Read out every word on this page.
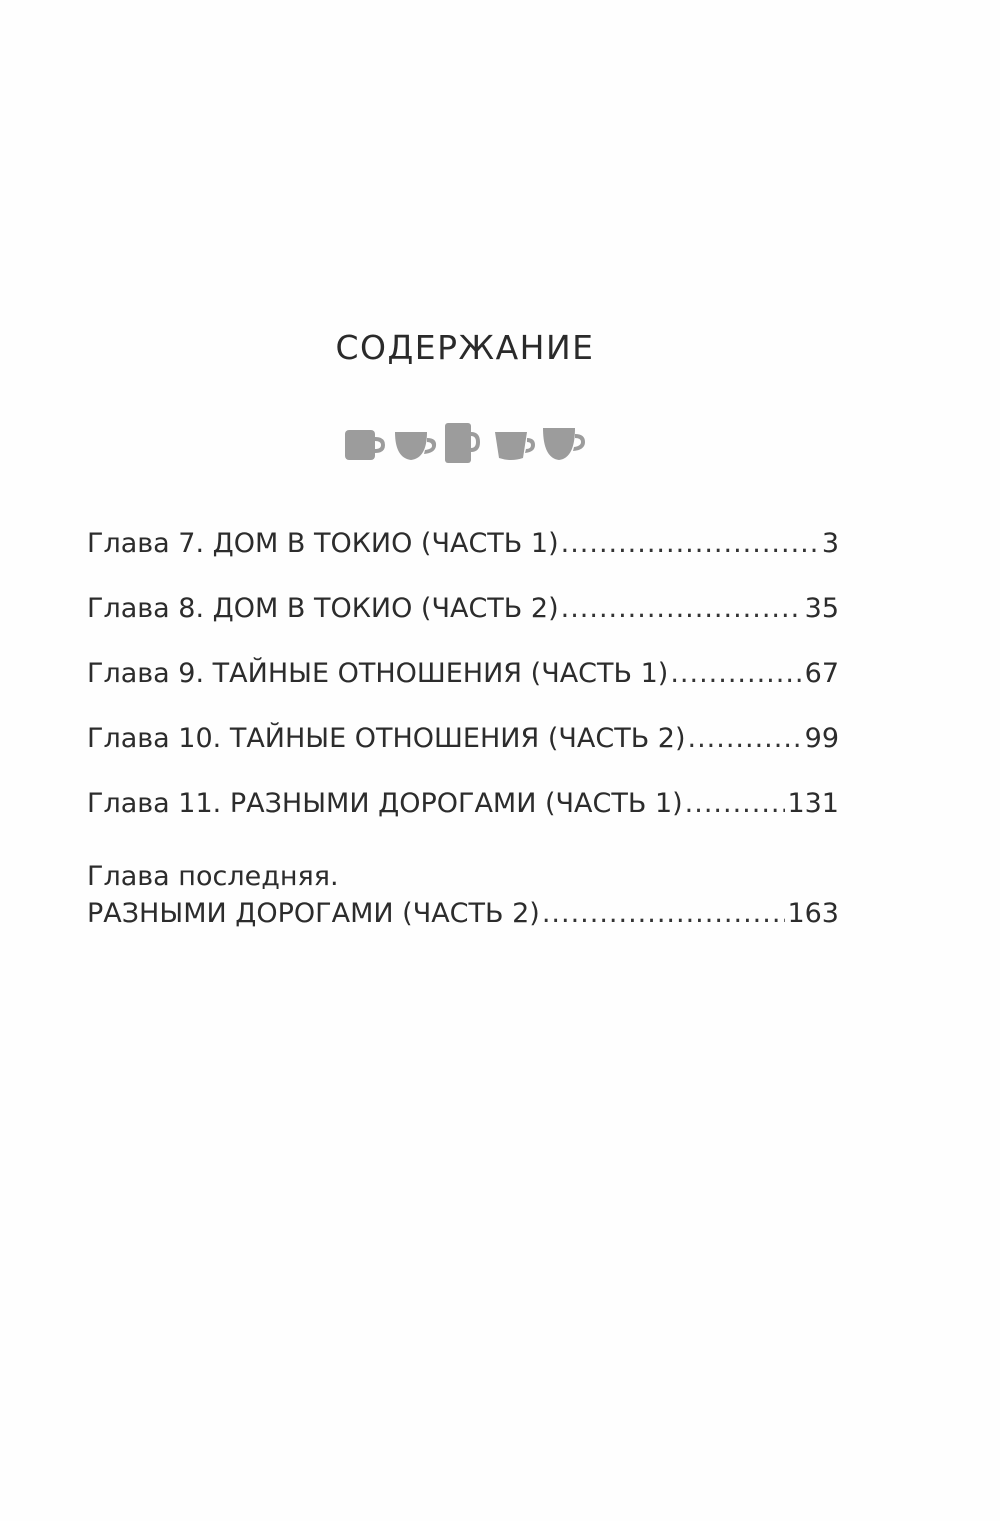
СОДЕРЖАНИЕ
Глава 7. ДОМ В ТОКИО (ЧАСТЬ 1) .....	3
Глава 8. ДОМ В ТОКИО (ЧАСТЬ 2) .....	35
Глава 9. ТАЙНЫЕ ОТНОШЕНИЯ (ЧАСТЬ 1) .....	67
Глава 10. ТАЙНЫЕ ОТНОШЕНИЯ (ЧАСТЬ 2) .....	99
Глава 11. РАЗНЫМИ ДОРОГАМИ (ЧАСТЬ 1) .....	131
Глава последняя.
РАЗНЫМИ ДОРОГАМИ (ЧАСТЬ 2) .....	163
